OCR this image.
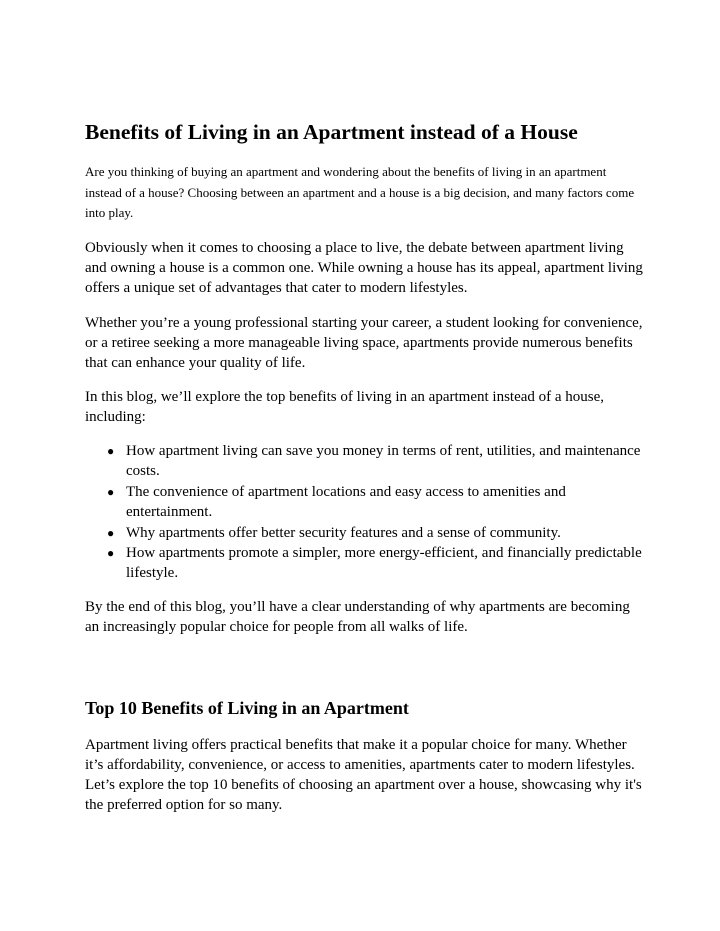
Benefits of Living in an Apartment instead of a House

Are you thinking of buying an apartment and wondering about the benefits of living in an apartment instead of a house? Choosing between an apartment and a house is a big decision, and many factors come into play.

Obviously when it comes to choosing a place to live, the debate between apartment living and owning a house is a common one. While owning a house has its appeal, apartment living offers a unique set of advantages that cater to modern lifestyles.

Whether you’re a young professional starting your career, a student looking for convenience, or a retiree seeking a more manageable living space, apartments provide numerous benefits that can enhance your quality of life.

In this blog, we’ll explore the top benefits of living in an apartment instead of a house, including:

● How apartment living can save you money in terms of rent, utilities, and maintenance costs.
● The convenience of apartment locations and easy access to amenities and entertainment.
● Why apartments offer better security features and a sense of community.
● How apartments promote a simpler, more energy-efficient, and financially predictable lifestyle.

By the end of this blog, you’ll have a clear understanding of why apartments are becoming an increasingly popular choice for people from all walks of life.

Top 10 Benefits of Living in an Apartment

Apartment living offers practical benefits that make it a popular choice for many. Whether it’s affordability, convenience, or access to amenities, apartments cater to modern lifestyles. Let’s explore the top 10 benefits of choosing an apartment over a house, showcasing why it's the preferred option for so many.
